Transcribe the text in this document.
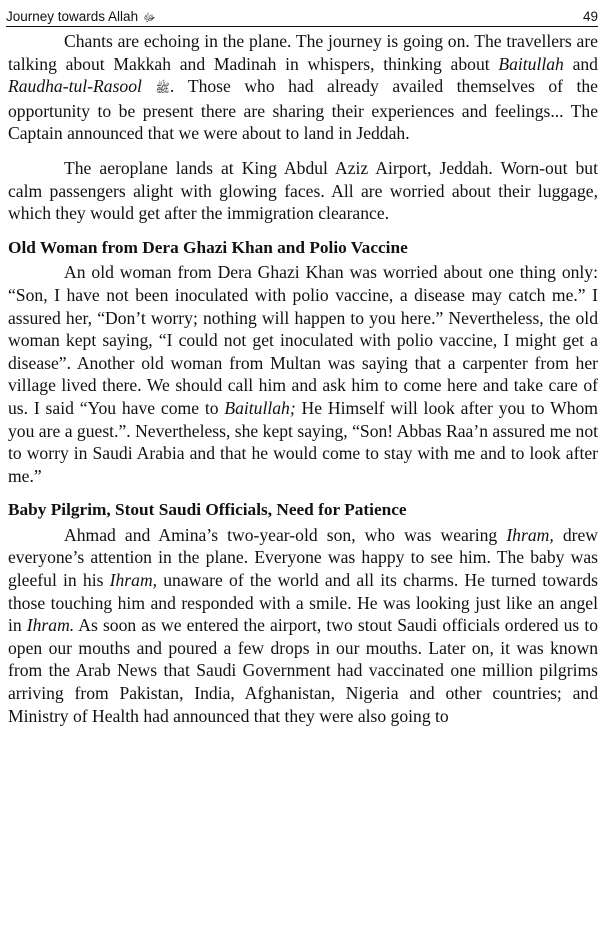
Journey towards Allah ﷻ	49

Chants are echoing in the plane. The journey is going on. The travellers are talking about Makkah and Madinah in whispers, thinking about Baitullah and Raudha-tul-Rasool ﷺ. Those who had already availed themselves of the opportunity to be present there are sharing their experiences and feelings... The Captain announced that we were about to land in Jeddah.

The aeroplane lands at King Abdul Aziz Airport, Jeddah. Worn-out but calm passengers alight with glowing faces. All are worried about their luggage, which they would get after the immigration clearance.

Old Woman from Dera Ghazi Khan and Polio Vaccine

An old woman from Dera Ghazi Khan was worried about one thing only: “Son, I have not been inoculated with polio vaccine, a disease may catch me.” I assured her, “Don’t worry; nothing will happen to you here.” Nevertheless, the old woman kept saying, “I could not get inoculated with polio vaccine, I might get a disease”. Another old woman from Multan was saying that a carpenter from her village lived there. We should call him and ask him to come here and take care of us. I said “You have come to Baitullah; He Himself will look after you to Whom you are a guest.”. Nevertheless, she kept saying, “Son! Abbas Raa’n assured me not to worry in Saudi Arabia and that he would come to stay with me and to look after me.”

Baby Pilgrim, Stout Saudi Officials, Need for Patience

Ahmad and Amina’s two-year-old son, who was wearing Ihram, drew everyone’s attention in the plane. Everyone was happy to see him. The baby was gleeful in his Ihram, unaware of the world and all its charms. He turned towards those touching him and responded with a smile. He was looking just like an angel in Ihram. As soon as we entered the airport, two stout Saudi officials ordered us to open our mouths and poured a few drops in our mouths. Later on, it was known from the Arab News that Saudi Government had vaccinated one million pilgrims arriving from Pakistan, India, Afghanistan, Nigeria and other countries; and Ministry of Health had announced that they were also going to
